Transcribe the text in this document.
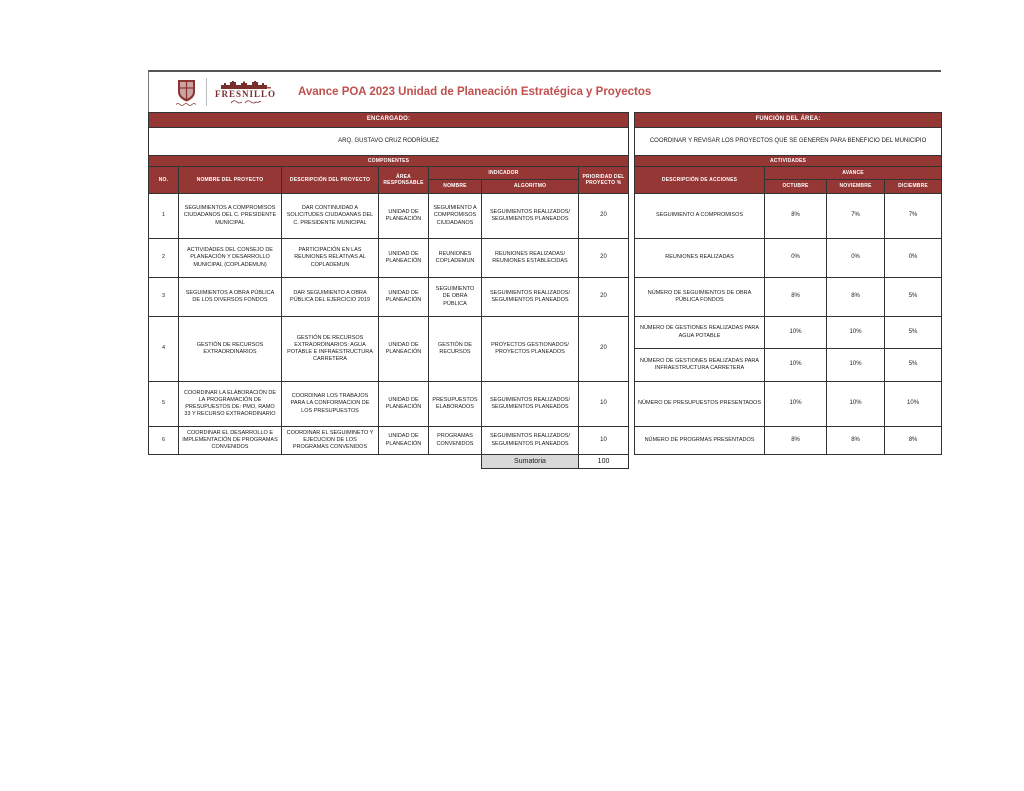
FRESNILLO Avance POA 2023 Unidad de Planeación Estratégica y Proyectos
ENCARGADO:								FUNCIÓN DEL ÁREA:			
ARQ. GUSTAVO CRUZ RODRÍGUEZ								COORDINAR Y REVISAR LOS PROYECTOS QUE SE GENEREN PARA BENEFICIO DEL MUNICIPIO			
COMPONENTES								ACTIVIDADES			
NO.	NOMBRE DEL PROYECTO	DESCRIPCIÓN DEL PROYECTO	ÁREA RESPONSABLE	INDICADOR		PRIORIDAD DEL PROYECTO %		DESCRIPCIÓN DE ACCIONES	AVANCE		
				NOMBRE	ALGORITMO				OCTUBRE	NOVIEMBRE	DICIEMBRE
1	SEGUIMIENTOS A COMPROMISOS CIUDADANOS DEL C. PRESIDENTE MUNICIPAL	DAR CONTINUIDAD A SOLICITUDES CIUDADANAS DEL C. PRESIDENTE MUNICIPAL	UNIDAD DE PLANEACIÓN	SEGUIMIENTO A COMPROMISOS CIUDADANOS	SEGUIMIENTOS REALIZADOS/ SEGUIMIENTOS PLANEADOS	20		SEGUIMIENTO A COMPROMISOS	8%	7%	7%
2	ACTIVIDADES DEL CONSEJO DE PLANEACIÓN Y DESARROLLO MUNICIPAL (COPLADEMUN)	PARTICIPACIÓN EN LAS REUNIONES RELATIVAS AL COPLADEMUN	UNIDAD DE PLANEACIÓN	REUNIONES COPLADEMUN	REUNIONES REALIZADAS/ REUNIONES ESTABLECIDAS	20		REUNIONES REALIZADAS	0%	0%	0%
3	SEGUIMIENTOS A OBRA PÚBLICA DE LOS DIVERSOS FONDOS	DAR SEGUIMIENTO A OBRA PÚBLICA DEL EJERCICIO 2019	UNIDAD DE PLANEACIÓN	SEGUIMIENTO DE OBRA PÚBLICA	SEGUIMIENTOS REALIZADOS/ SEGUIMIENTOS PLANEADOS	20		NÚMERO DE SEGUIMIENTOS DE OBRA PÚBLICA FONDOS	8%	8%	5%
4	GESTIÓN DE RECURSOS EXTRAORDINARIOS	GESTIÓN DE RECURSOS EXTRAORDINARIOS: AGUA POTABLE E INFRAESTRUCTURA CARRETERA	UNIDAD DE PLANEACIÓN	GESTIÓN DE RECURSOS	PROYECTOS GESTIONADOS/ PROYECTOS PLANEADOS	20		NÚMERO DE GESTIONES REALIZADAS PARA AGUA POTABLE	10%	10%	5%
								NÚMERO DE GESTIONES REALIZADAS PARA INFRAESTRUCTURA CARRETERA	10%	10%	5%
5	COORDINAR LA ELABORACIÓN DE LA PROGRAMACIÓN DE PRESUPUESTOS DE: PMO, RAMO 33 Y RECURSO EXTRAORDINARIO	COORDINAR LOS TRABAJOS PARA LA CONFORMACION DE LOS PRESUPUESTOS	UNIDAD DE PLANEACIÓN	PRESUPUESTOS ELABORADOS	SEGUIMIENTOS REALIZADOS/ SEGUIMIENTOS PLANEADOS	10		NÚMERO DE PRESUPUESTOS PRESENTADOS	10%	10%	10%
6	COORDINAR EL DESARROLLO E IMPLEMENTACIÓN DE PROGRAMAS CONVENIDOS	COORDINAR EL SEGUIMINETO Y EJECUCION DE LOS PROGRAMAS CONVENIDOS	UNIDAD DE PLANEACIÓN	PROGRAMAS CONVENIDOS	SEGUIMIENTOS REALIZADOS/ SEGUIMIENTOS PLANEADOS	10		NÚMERO DE PROGRMAS PRESENTADOS	8%	8%	8%
					Sumatoria	100					
